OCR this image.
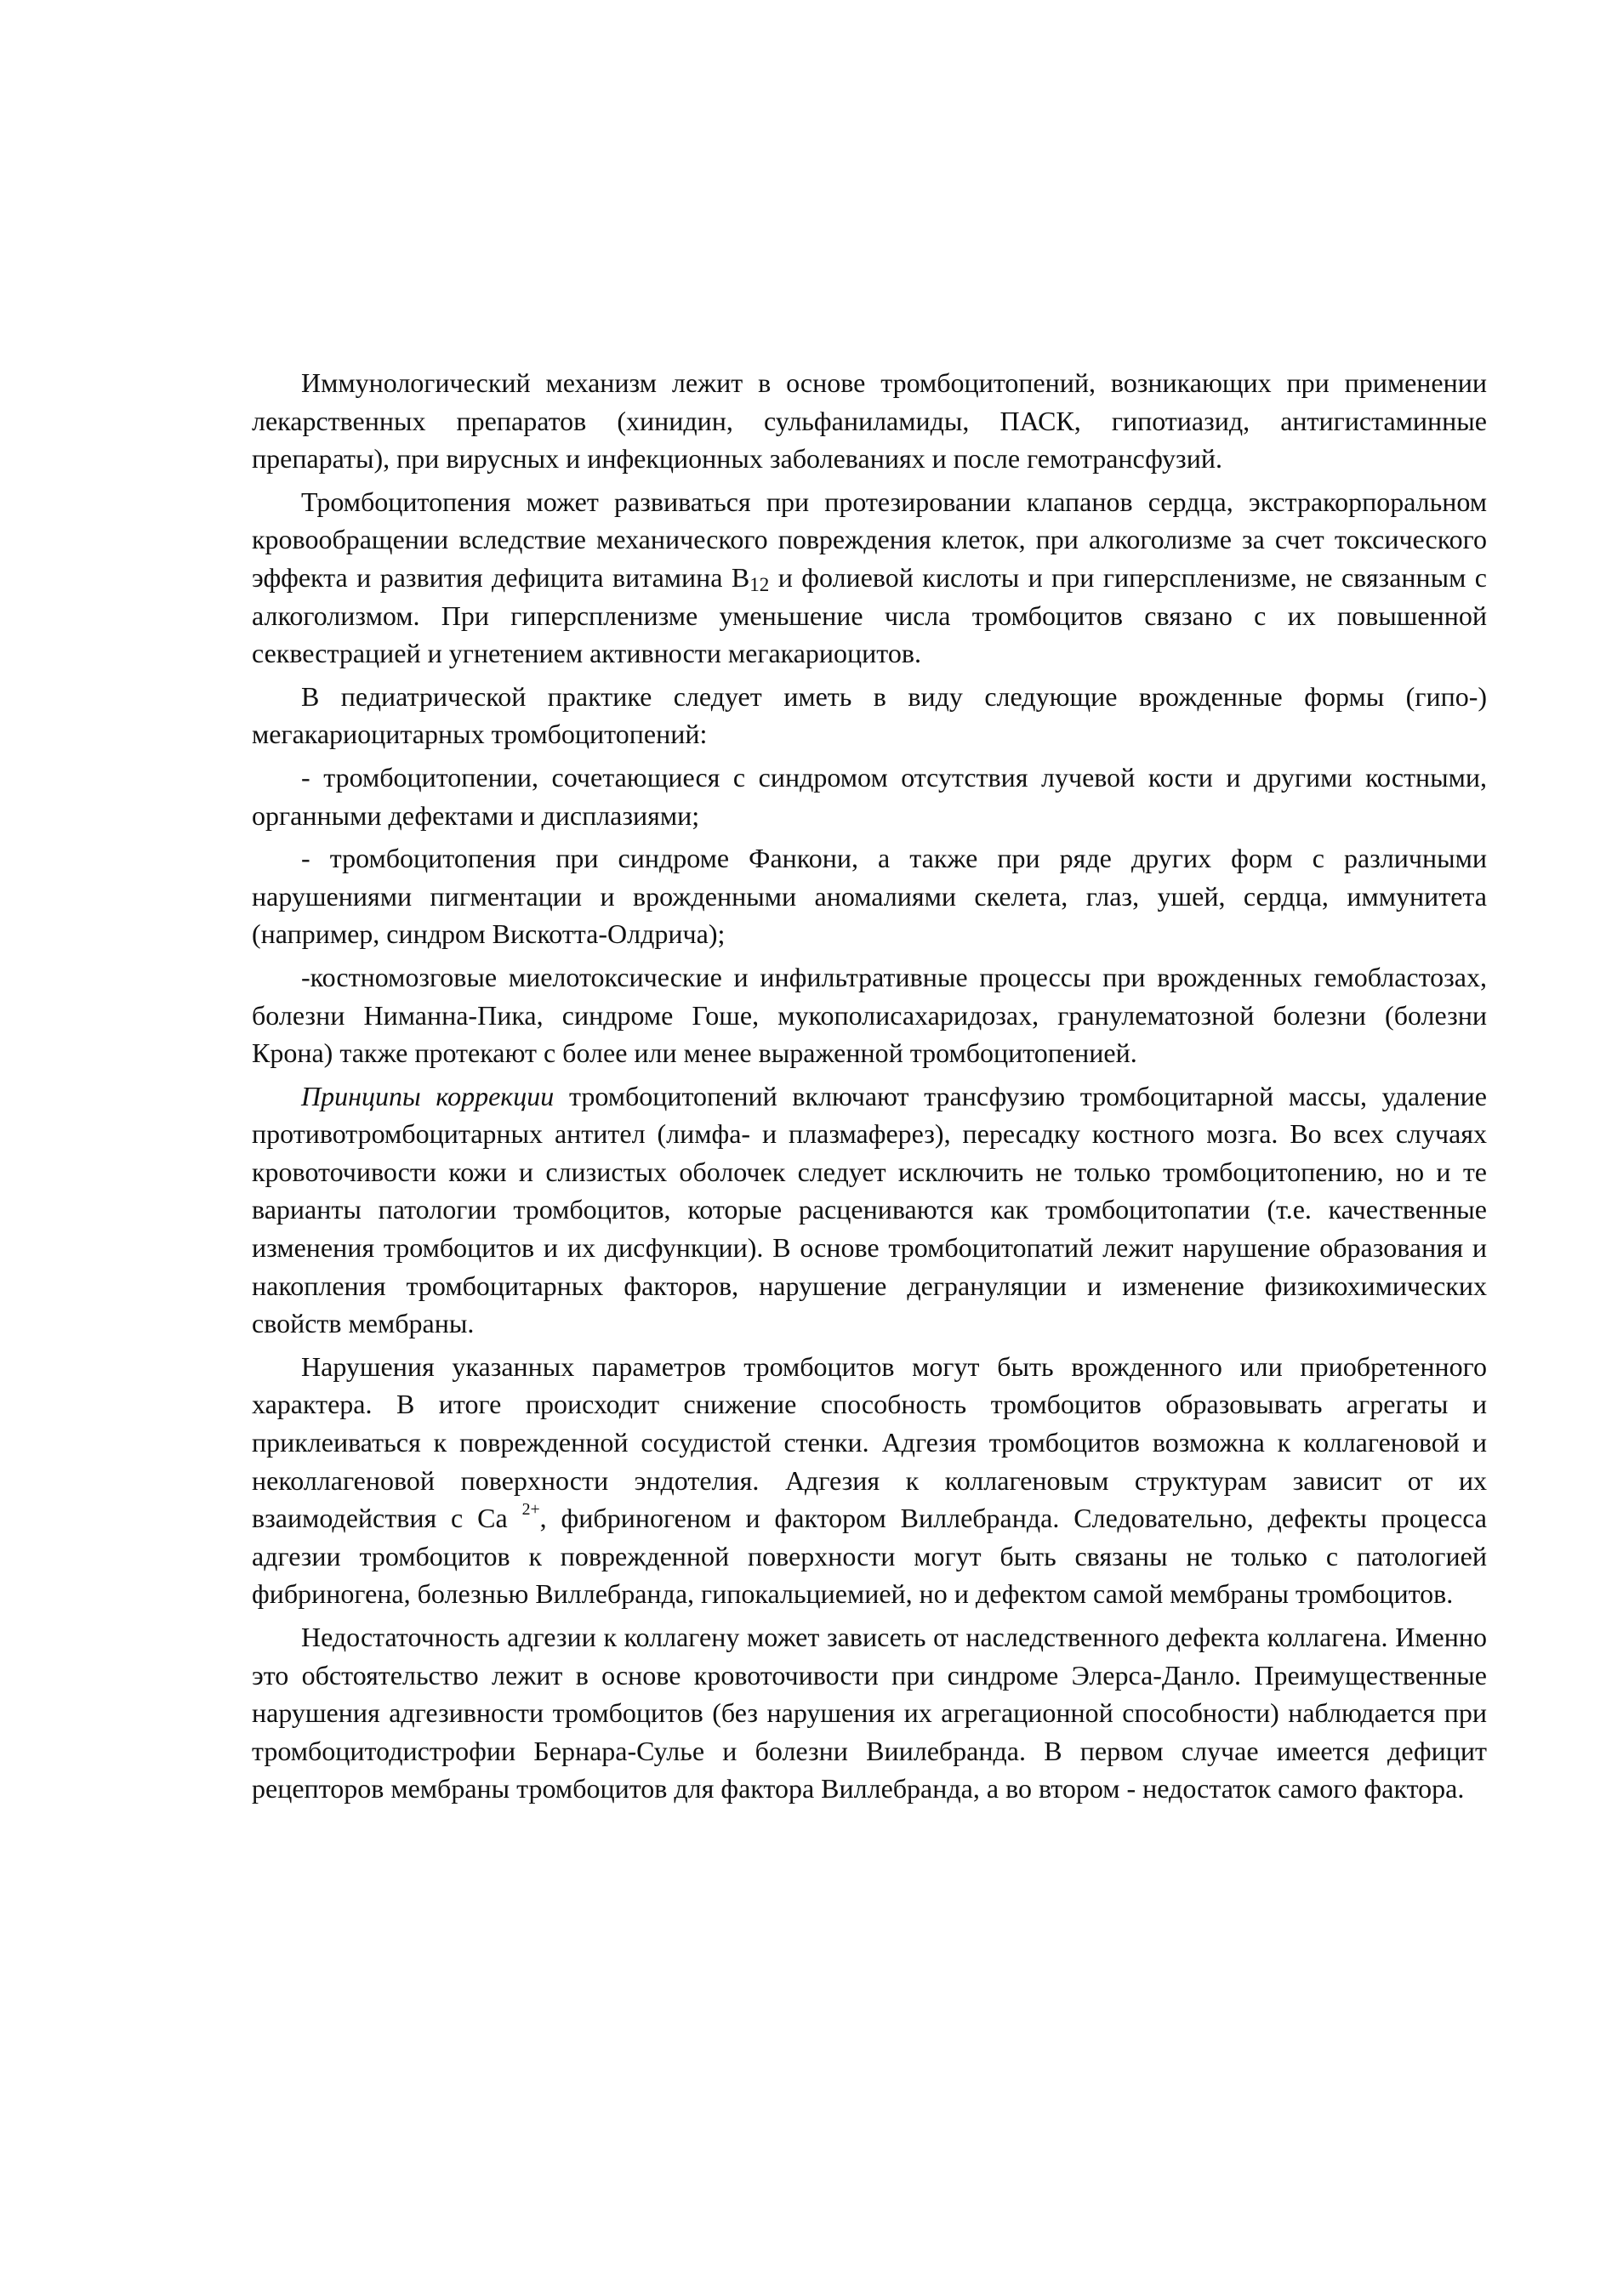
Иммунологический механизм лежит в основе тромбоцитопений, возникающих при применении лекарственных препаратов (хинидин, сульфаниламиды, ПАСК, гипотиазид, антигистаминные препараты), при вирусных и инфекционных заболеваниях и после гемотрансфузий.

Тромбоцитопения может развиваться при протезировании клапанов сердца, экстракорпоральном кровообращении вследствие механического повреждения клеток, при алкоголизме за счет токсического эффекта и развития дефицита витамина $B_{12}$ и фолиевой кислоты и при гиперспленизме, не связанным с алкоголизмом. При гиперспленизме уменьшение числа тромбоцитов связано с их повышенной секвестрацией и угнетением активности мегакариоцитов.

В педиатрической практике следует иметь в виду следующие врожденные формы (гипо-) мегакариоцитарных тромбоцитопений:

- тромбоцитопении, сочетающиеся с синдромом отсутствия лучевой кости и другими костными, органными дефектами и дисплазиями;

- тромбоцитопения при синдроме Фанкони, а также при ряде других форм с различными нарушениями пигментации и врожденными аномалиями скелета, глаз, ушей, сердца, иммунитета (например, синдром Вискотта-Олдрича);

-костномозговые миелотоксические и инфильтративные процессы при врожденных гемобластозах, болезни Ниманна-Пика, синдроме Гоше, мукополисахаридозах, гранулематозной болезни (болезни Крона) также протекают с более или менее выраженной тромбоцитопенией.

Принципы коррекции тромбоцитопений включают трансфузию тромбоцитарной массы, удаление противотромбоцитарных антител (лимфа- и плазмаферез), пересадку костного мозга. Во всех случаях кровоточивости кожи и слизистых оболочек следует исключить не только тромбоцитопению, но и те варианты патологии тромбоцитов, которые расцениваются как тромбоцитопатии (т.е. качественные изменения тромбоцитов и их дисфункции). В основе тромбоцитопатий лежит нарушение образования и накопления тромбоцитарных факторов, нарушение дегрануляции и изменение физикохимических свойств мембраны.

Нарушения указанных параметров тромбоцитов могут быть врожденного или приобретенного характера. В итоге происходит снижение способность тромбоцитов образовывать агрегаты и приклеиваться к поврежденной сосудистой стенки. Адгезия тромбоцитов возможна к коллагеновой и неколлагеновой поверхности эндотелия. Адгезия к коллагеновым структурам зависит от их взаимодействия с Ca $^{2+}$, фибриногеном и фактором Виллебранда. Следовательно, дефекты процесса адгезии тромбоцитов к поврежденной поверхности могут быть связаны не только с патологией фибриногена, болезнью Виллебранда, гипокальциемией, но и дефектом самой мембраны тромбоцитов.

Недостаточность адгезии к коллагену может зависеть от наследственного дефекта коллагена. Именно это обстоятельство лежит в основе кровоточивости при синдроме Элерса-Данло. Преимущественные нарушения адгезивности тромбоцитов (без нарушения их агрегационной способности) наблюдается при тромбоцитодистрофии Бернара-Сулье и болезни Виилебранда. В первом случае имеется дефицит рецепторов мембраны тромбоцитов для фактора Виллебранда, а во втором - недостаток самого фактора.
